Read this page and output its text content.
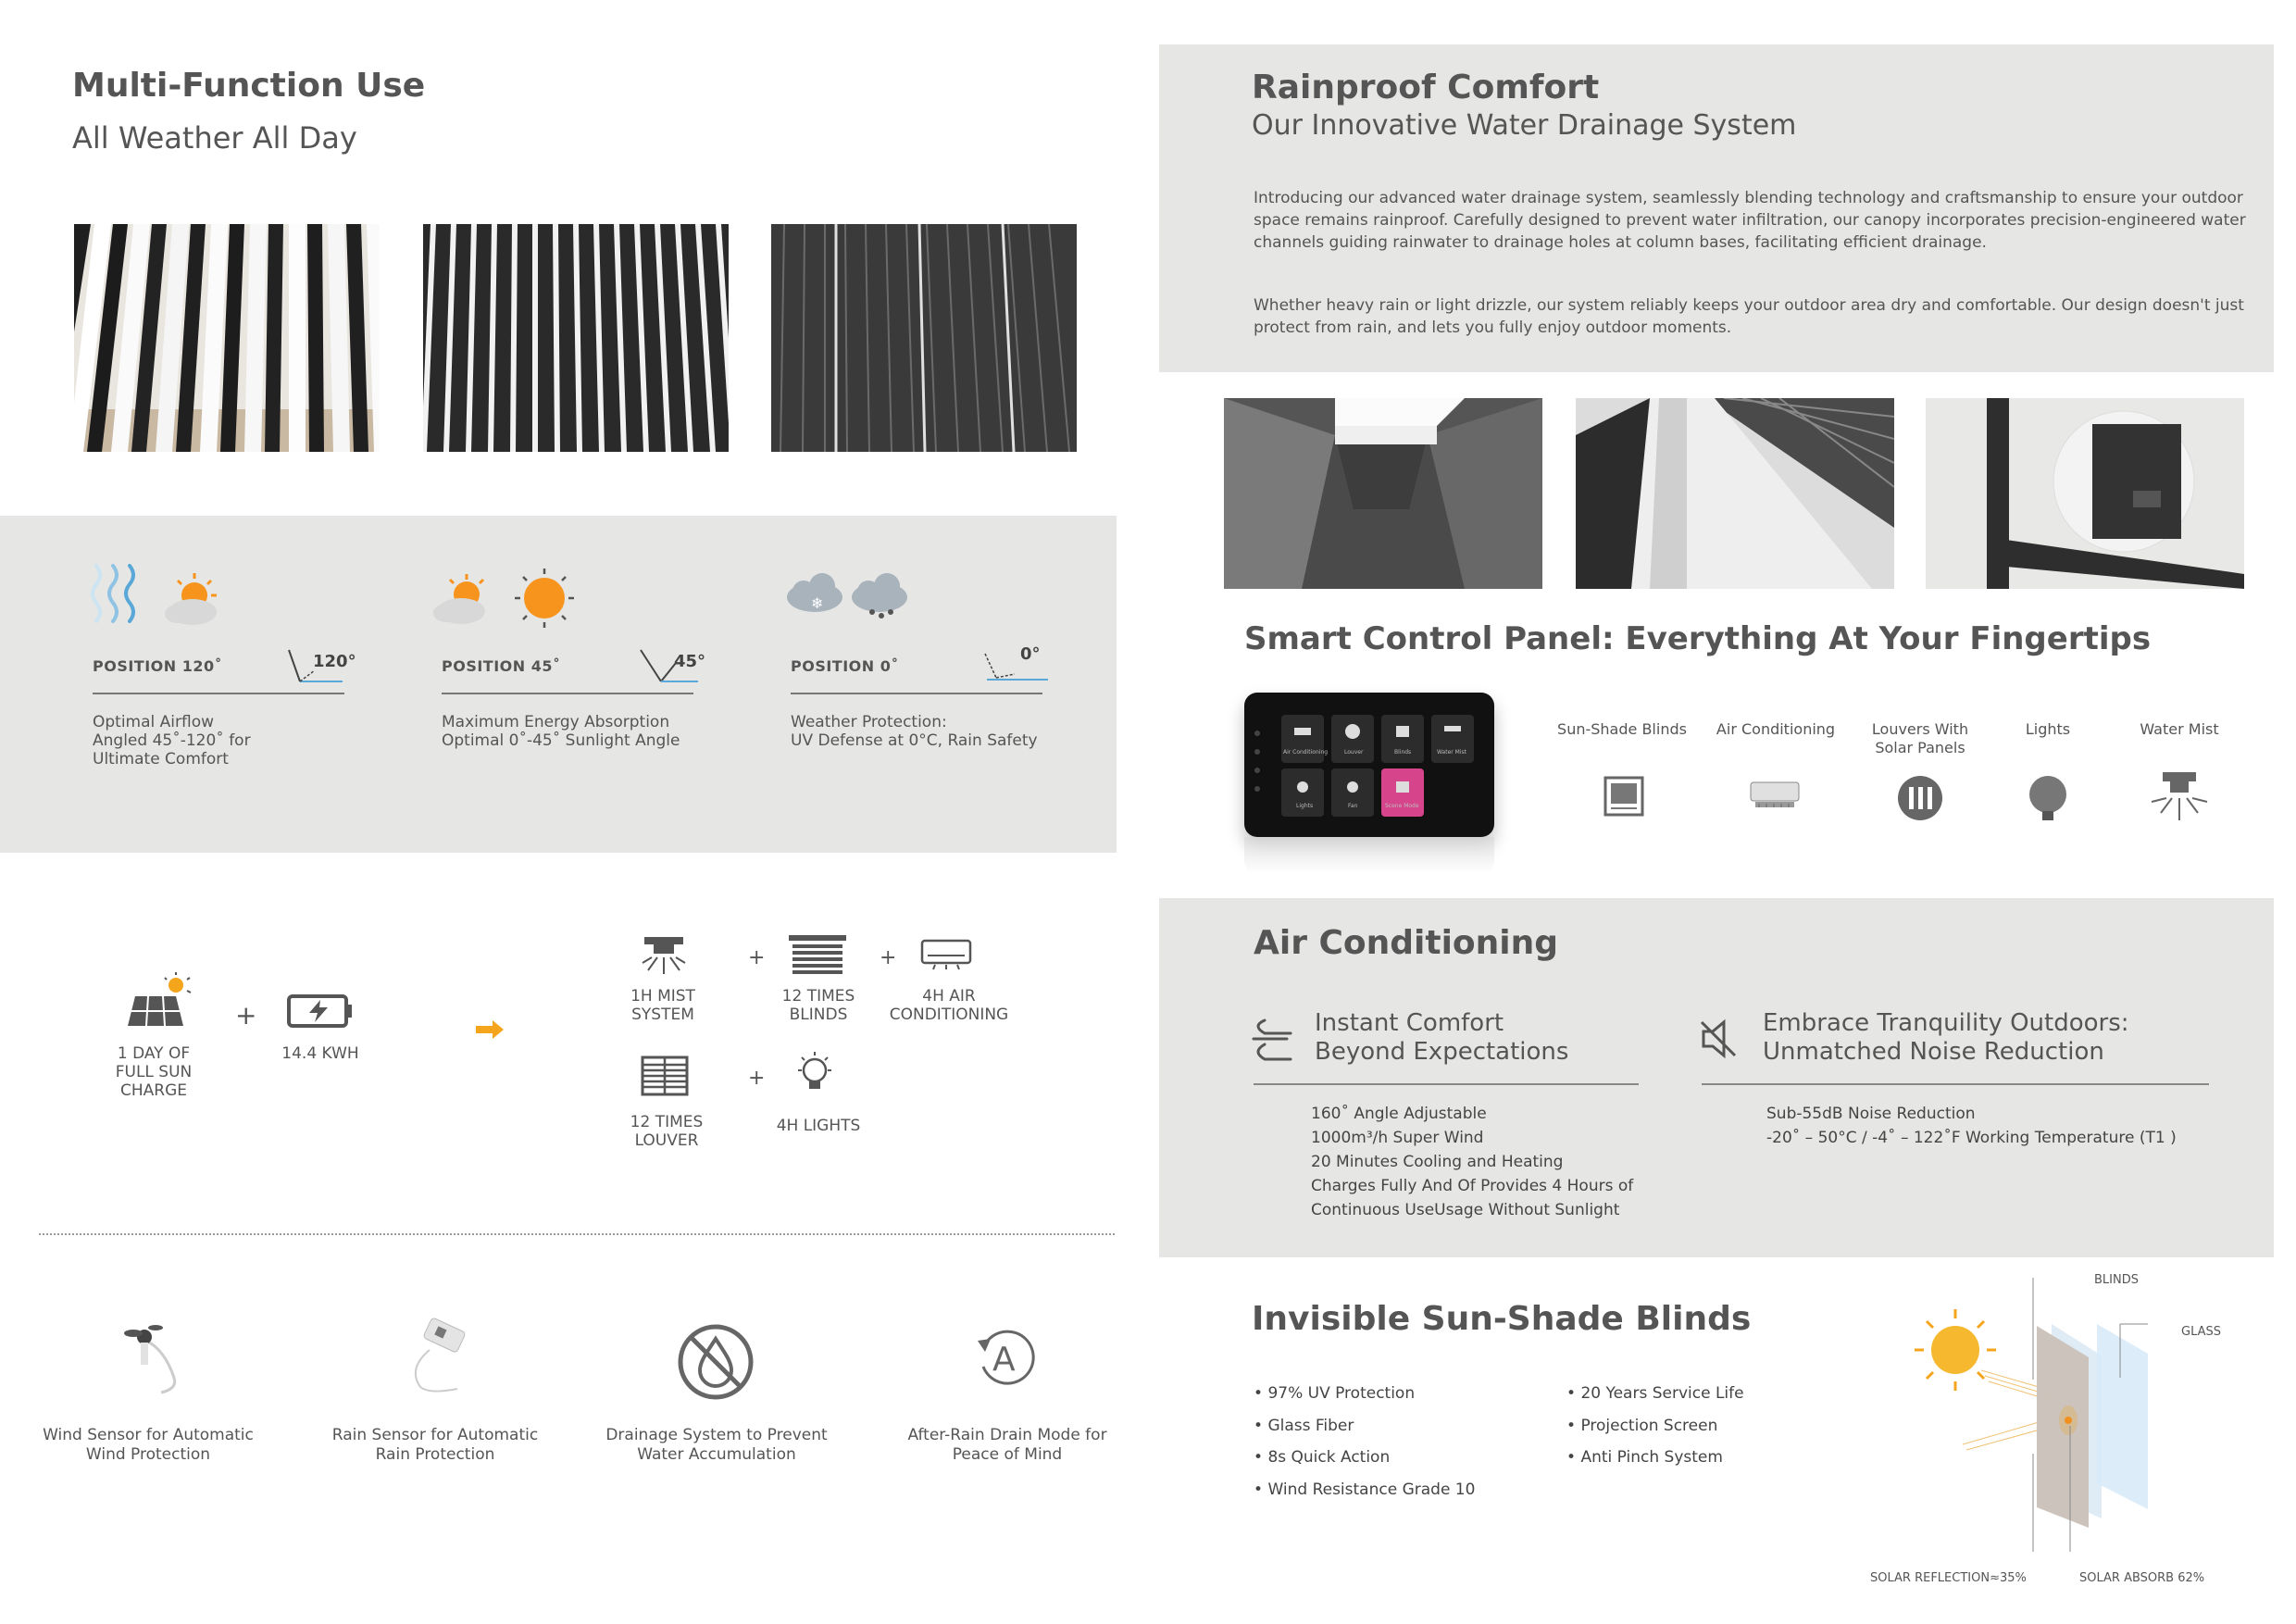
Multi-Function Use
All Weather All Day
POSITION 120˚	120°
Optimal Airflow
Angled 45˚-120˚ for
Ultimate Comfort
POSITION 45˚	45°
Maximum Energy Absorption
Optimal 0˚-45˚ Sunlight Angle
❄
POSITION 0˚
0°
Weather Protection:
UV Defense at 0°C, Rain Safety
1 DAY OF
FULL SUN
CHARGE
+
14.4 KWH
1H MIST
SYSTEM
+
12 TIMES
BLINDS
+
4H AIR
CONDITIONING
12 TIMES
LOUVER
+
4H LIGHTS
Wind Sensor for Automatic
Wind Protection
Rain Sensor for Automatic
Rain Protection
Drainage System to Prevent
Water Accumulation
A
After-Rain Drain Mode for
Peace of Mind
Rainproof Comfort
Our Innovative Water Drainage System
Introducing our advanced water drainage system, seamlessly blending technology and craftsmanship to ensure your outdoor
space remains rainproof. Carefully designed to prevent water infiltration, our canopy incorporates precision-engineered water
channels guiding rainwater to drainage holes at column bases, facilitating efficient drainage.
Whether heavy rain or light drizzle, our system reliably keeps your outdoor area dry and comfortable. Our design doesn't just
protect from rain, and lets you fully enjoy outdoor moments.
Smart Control Panel: Everything At Your Fingertips
Air Conditioning	Louver	Blinds	Water Mist
Lights	Fan	Scene Mode
Sun-Shade Blinds	Air Conditioning	Louvers With
Solar Panels
Lights	Water Mist
Air Conditioning
Instant Comfort
Beyond Expectations
160˚ Angle Adjustable
1000m³/h Super Wind
20 Minutes Cooling and Heating
Charges Fully And Of Provides 4 Hours of
Continuous UseUsage Without Sunlight
Embrace Tranquility Outdoors:
Unmatched Noise Reduction
Sub-55dB Noise Reduction
-20˚ – 50°C / -4˚ – 122˚F Working Temperature (T1 )
Invisible Sun-Shade Blinds
• 97% UV Protection
• Glass Fiber
• 8s Quick Action
• Wind Resistance Grade 10
• 20 Years Service Life
• Projection Screen
• Anti Pinch System
BLINDS
GLASS
SOLAR REFLECTION≈35%	SOLAR ABSORB 62%
